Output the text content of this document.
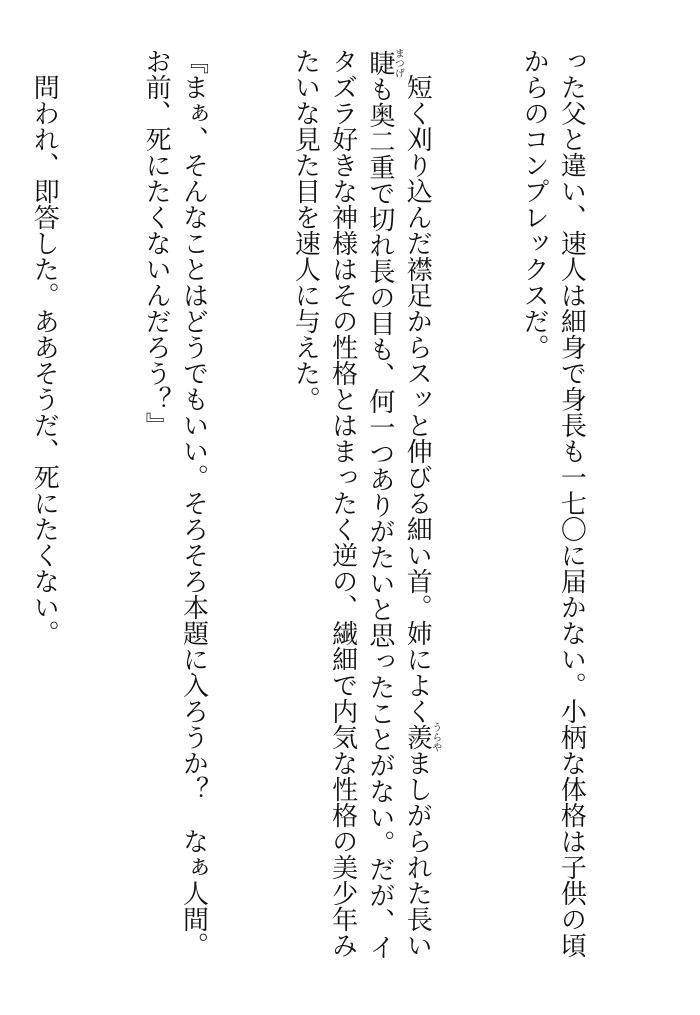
った父と違い、速人は細身で身長も一七〇に届かない。小柄な体格は子供の頃からのコンプレックスだ。

　短く刈り込んだ襟足からスッと伸びる細い首。姉によく羨うらやましがられた長い睫まつげも奥二重で切れ長の目も、何一つありがたいと思ったことがない。だが、イタズラ好きな神様はその性格とはまったく逆の、繊細で内気な性格の美少年みたいな見た目を速人に与えた。

『まぁ、そんなことはどうでもいい。そろそろ本題に入ろうか？　なぁ人間。お前、死にたくないんだろう？』

　問われ、即答した。ああそうだ、死にたくない。
